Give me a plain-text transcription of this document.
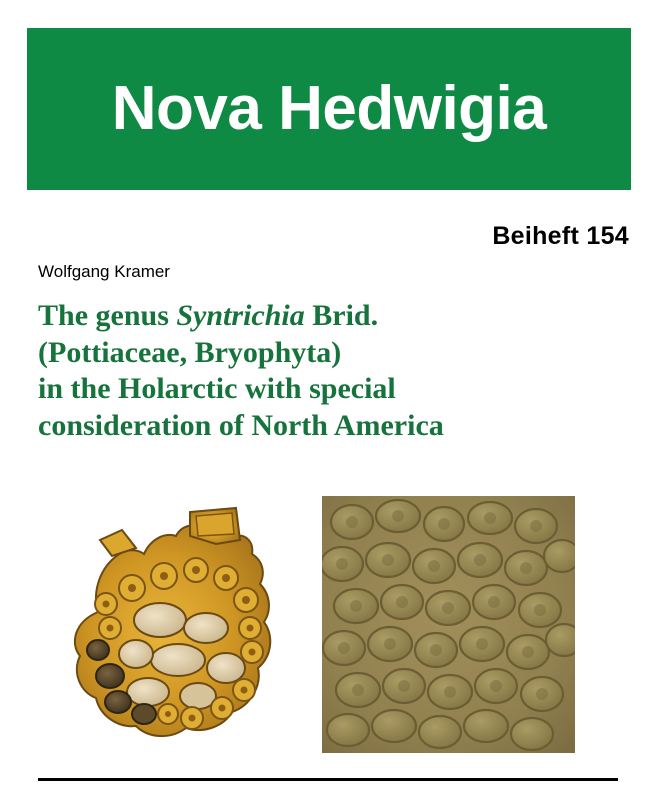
Nova Hedwigia
Beiheft 154
Wolfgang Kramer
The genus Syntrichia Brid.
(Pottiaceae, Bryophyta)
in the Holarctic with special
consideration of North America
